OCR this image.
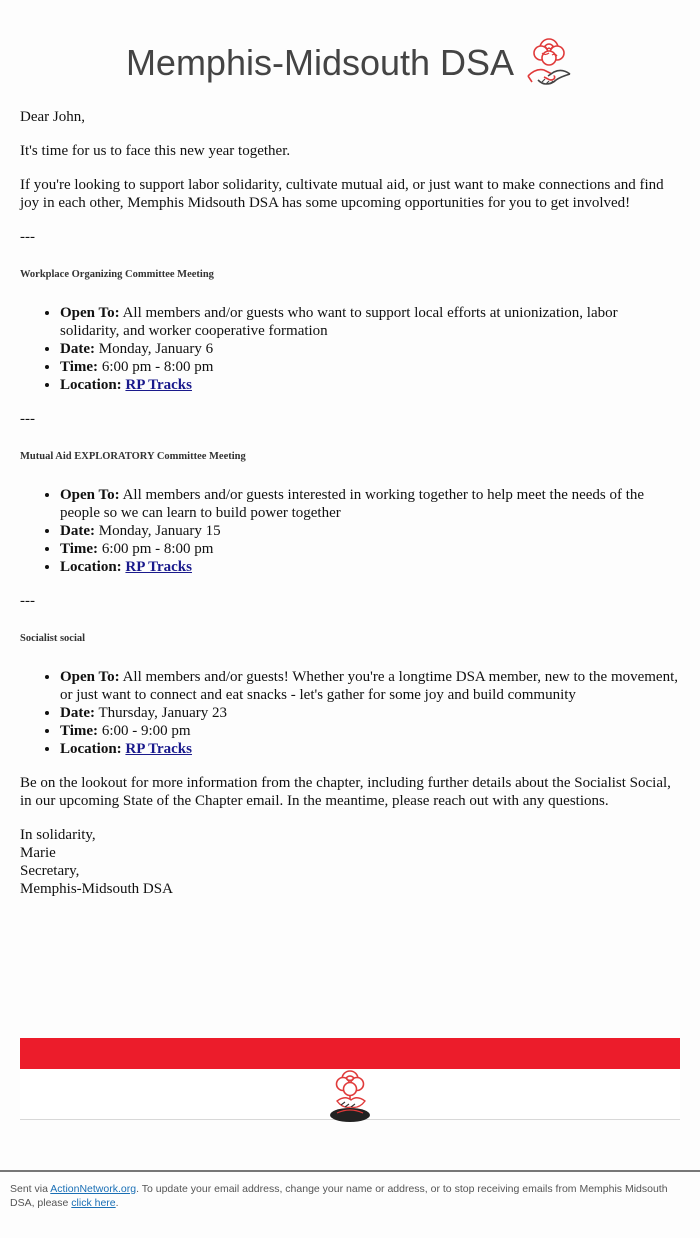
Memphis-Midsouth DSA

Dear John,

It's time for us to face this new year together.

If you're looking to support labor solidarity, cultivate mutual aid, or just want to make connections and find joy in each other, Memphis Midsouth DSA has some upcoming opportunities for you to get involved!

---
Workplace Organizing Committee Meeting
• Open To: All members and/or guests who want to support local efforts at unionization, labor solidarity, and worker cooperative formation
• Date: Monday, January 6
• Time: 6:00 pm - 8:00 pm
• Location: RP Tracks
---
Mutual Aid EXPLORATORY Committee Meeting
• Open To: All members and/or guests interested in working together to help meet the needs of the people so we can learn to build power together
• Date: Monday, January 15
• Time: 6:00 pm - 8:00 pm
• Location: RP Tracks
---
Socialist social
• Open To: All members and/or guests! Whether you're a longtime DSA member, new to the movement, or just want to connect and eat snacks - let's gather for some joy and build community
• Date: Thursday, January 23
• Time: 6:00 - 9:00 pm
• Location: RP Tracks

Be on the lookout for more information from the chapter, including further details about the Socialist Social, in our upcoming State of the Chapter email. In the meantime, please reach out with any questions.

In solidarity,

Marie

Secretary,

Memphis-Midsouth DSA

Sent via ActionNetwork.org. To update your email address, change your name or address, or to stop receiving emails from Memphis Midsouth DSA, please click here.
